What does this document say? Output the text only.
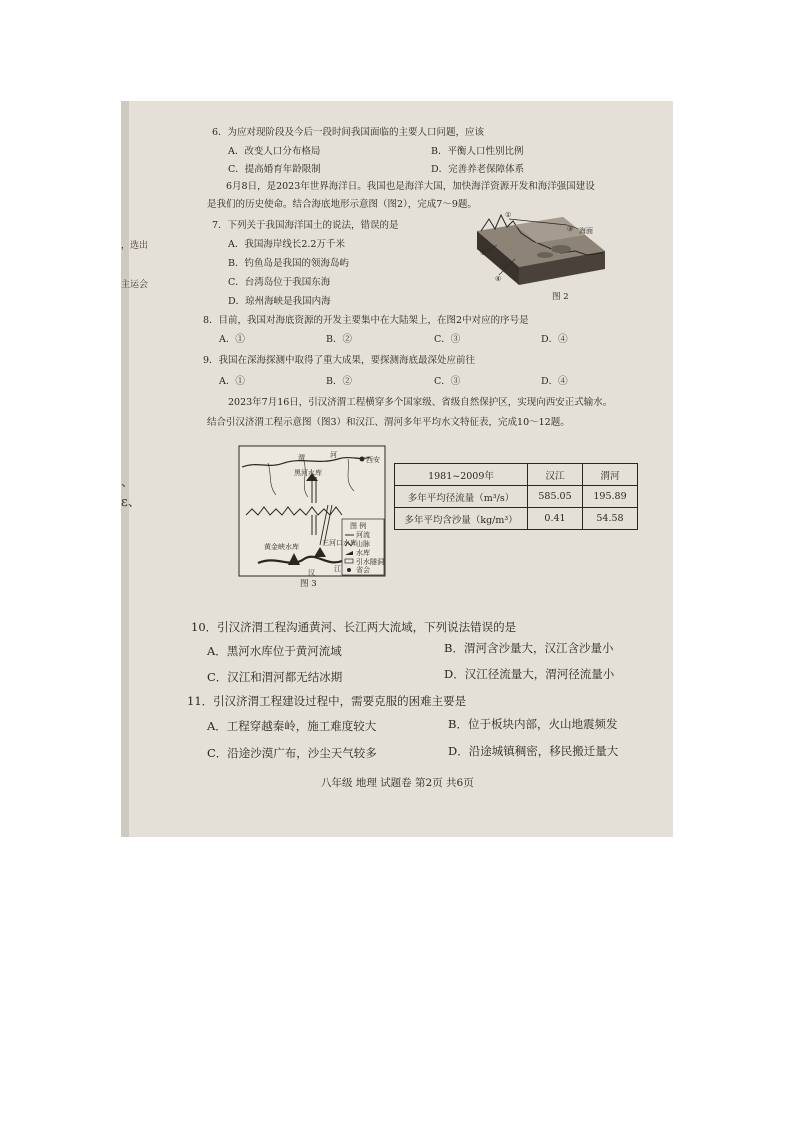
，选出
主运会
、
ε、
6．为应对现阶段及今后一段时间我国面临的主要人口问题，应该
A．改变人口分布格局	B．平衡人口性别比例
C．提高婚育年龄限制	D．完善养老保障体系
6月8日，是2023年世界海洋日。我国也是海洋大国，加快海洋资源开发和海洋强国建设
是我们的历史使命。结合海底地形示意图（图2），完成7～9题。
7．下列关于我国海洋国土的说法，错误的是
A．我国海岸线长2.2万千米
B．钓鱼岛是我国的领海岛屿
C．台湾岛位于我国东海
D．琼州海峡是我国内海
①
②
③
④
海面
图 2
8．目前，我国对海底资源的开发主要集中在大陆架上，在图2中对应的序号是
A．①	B．②	C．③	D．④
9．我国在深海探测中取得了重大成果，要探测海底最深处应前往
A．①	B．②	C．③	D．④
2023年7月16日，引汉济渭工程横穿多个国家级、省级自然保护区，实现向西安正式输水。
结合引汉济渭工程示意图（图3）和汉江、渭河多年平均水文特征表，完成10～12题。
渭	河
西安
黑河水库
黄金峡水库	三河口水库
江
汉
图 例
河流
山脉
水库
引水隧洞
省会
图 3
1981~2009年	汉江	渭河
多年平均径流量（m³/s）	585.05	195.89
多年平均含沙量（kg/m³）	0.41	54.58
10．引汉济渭工程沟通黄河、长江两大流域，下列说法错误的是
A．黑河水库位于黄河流域	B．渭河含沙量大，汉江含沙量小
C．汉江和渭河都无结冰期	D．汉江径流量大，渭河径流量小
11．引汉济渭工程建设过程中，需要克服的困难主要是
A．工程穿越秦岭，施工难度较大	B．位于板块内部，火山地震频发
C．沿途沙漠广布，沙尘天气较多	D．沿途城镇稠密，移民搬迁量大
八年级 地理 试题卷 第2页 共6页
